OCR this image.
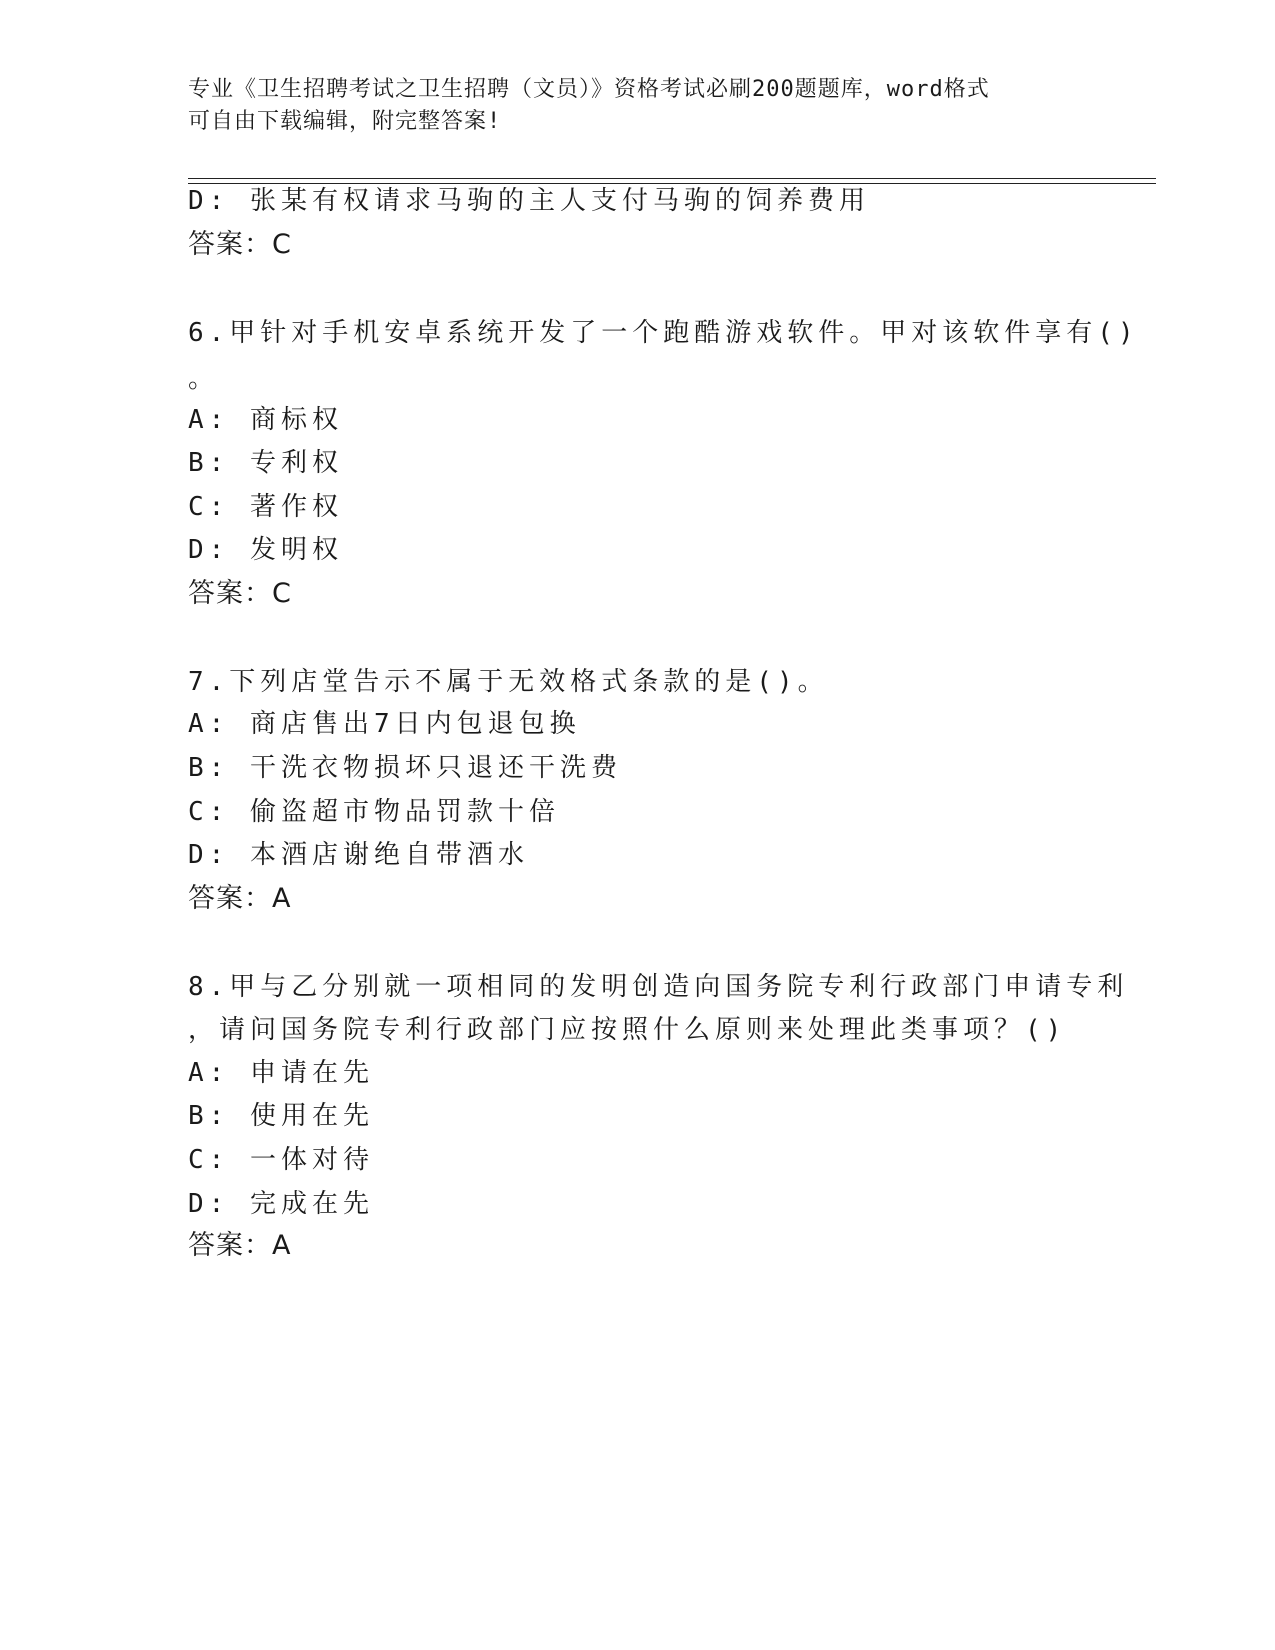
专业《卫生招聘考试之卫生招聘（文员）》资格考试必刷200题题库，word格式
可自由下载编辑，附完整答案!
D: 张某有权请求马驹的主人支付马驹的饲养费用
答案：C
6.甲针对手机安卓系统开发了一个跑酷游戏软件。甲对该软件享有()
。
A: 商标权
B: 专利权
C: 著作权
D: 发明权
答案：C
7.下列店堂告示不属于无效格式条款的是()。
A: 商店售出7日内包退包换
B: 干洗衣物损坏只退还干洗费
C: 偷盗超市物品罚款十倍
D: 本酒店谢绝自带酒水
答案：A
8.甲与乙分别就一项相同的发明创造向国务院专利行政部门申请专利
，请问国务院专利行政部门应按照什么原则来处理此类事项？()
A: 申请在先
B: 使用在先
C: 一体对待
D: 完成在先
答案：A
